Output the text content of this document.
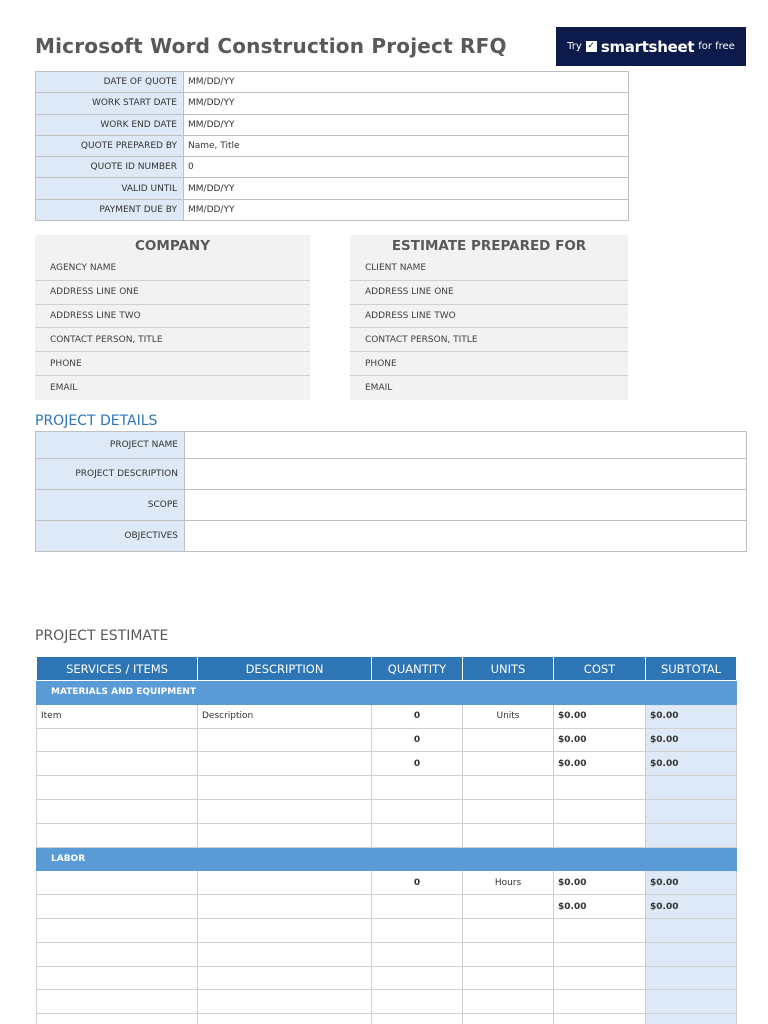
Microsoft Word Construction Project RFQ	Try ✓ smartsheet for free
DATE OF QUOTE	MM/DD/YY
WORK START DATE	MM/DD/YY
WORK END DATE	MM/DD/YY
QUOTE PREPARED BY	Name, Title
QUOTE ID NUMBER	0
VALID UNTIL	MM/DD/YY
PAYMENT DUE BY	MM/DD/YY
COMPANY
AGENCY NAME
ADDRESS LINE ONE
ADDRESS LINE TWO
CONTACT PERSON, TITLE
PHONE
EMAIL
ESTIMATE PREPARED FOR
CLIENT NAME
ADDRESS LINE ONE
ADDRESS LINE TWO
CONTACT PERSON, TITLE
PHONE
EMAIL
PROJECT DETAILS
PROJECT NAME	
PROJECT DESCRIPTION	
SCOPE	
OBJECTIVES	
PROJECT ESTIMATE
SERVICES / ITEMS	DESCRIPTION	QUANTITY	UNITS	COST	SUBTOTAL
MATERIALS AND EQUIPMENT					
Item	Description	0	Units	$0.00	$0.00
		0		$0.00	$0.00
		0		$0.00	$0.00

LABOR					
		0	Hours	$0.00	$0.00
				$0.00	$0.00
